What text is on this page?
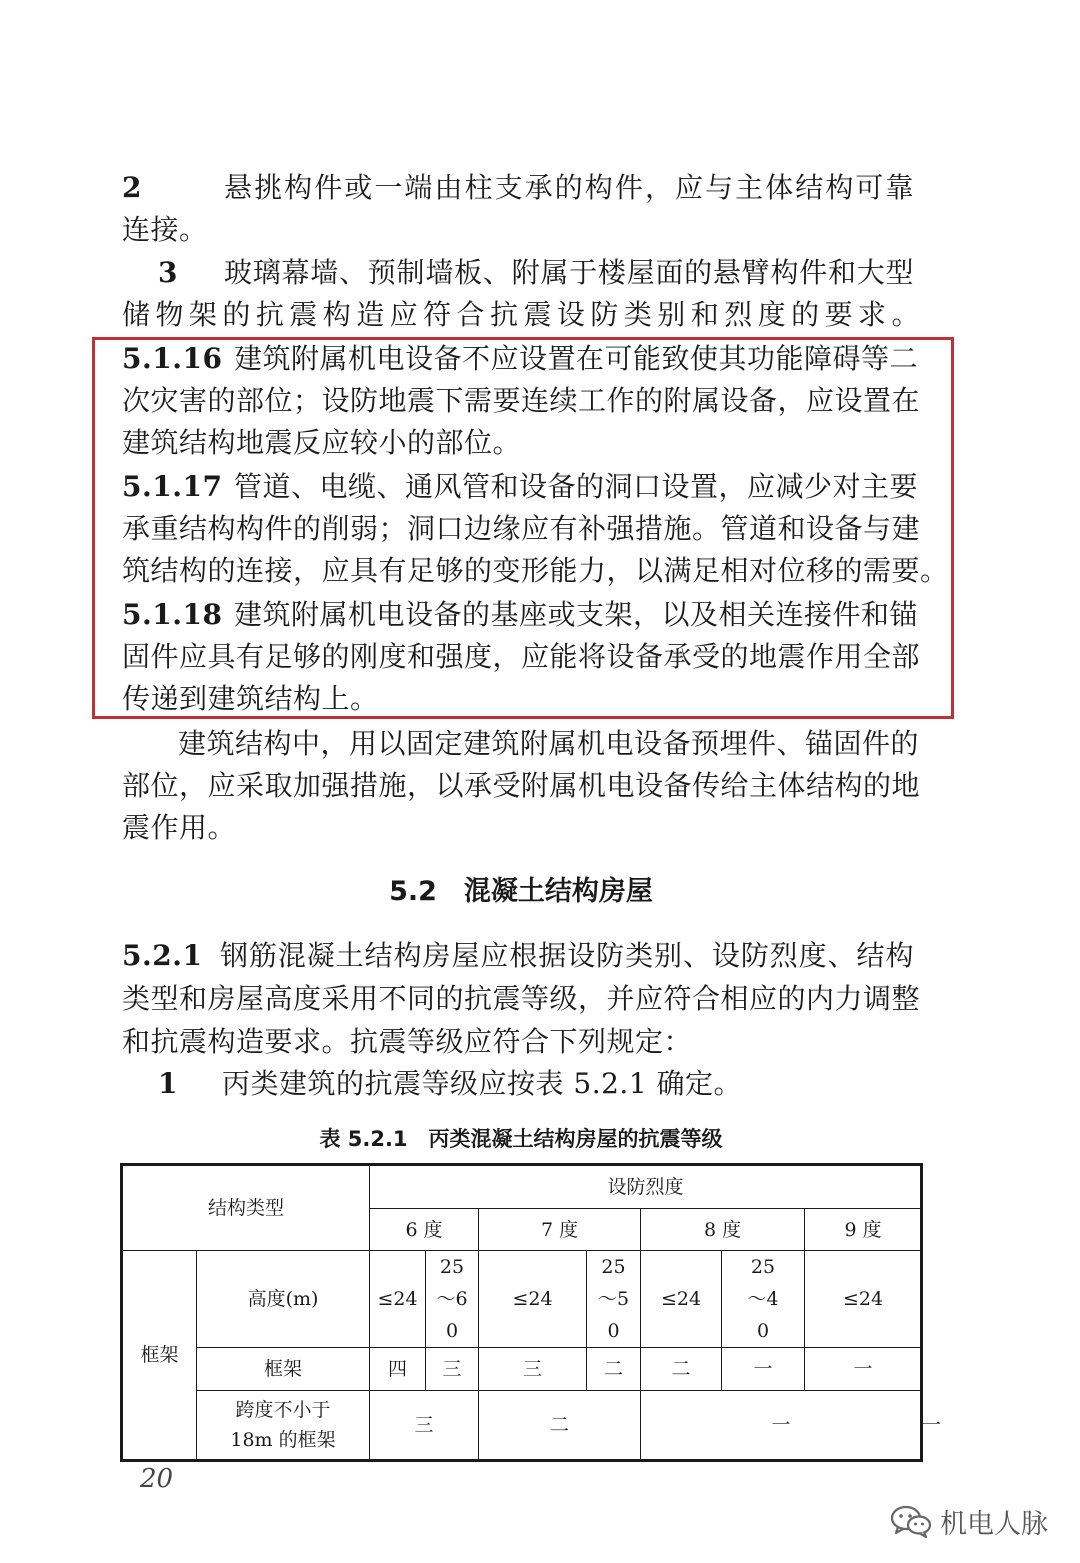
2	悬挑构件或一端由柱支承的构件，应与主体结构可靠
连接。
3 玻璃幕墙、预制墙板、附属于楼屋面的悬臂构件和大型
储物架的抗震构造应符合抗震设防类别和烈度的要求。
5.1.16 建筑附属机电设备不应设置在可能致使其功能障碍等二
次灾害的部位；设防地震下需要连续工作的附属设备，应设置在
建筑结构地震反应较小的部位。
5.1.17 管道、电缆、通风管和设备的洞口设置，应减少对主要
承重结构构件的削弱；洞口边缘应有补强措施。管道和设备与建
筑结构的连接，应具有足够的变形能力，以满足相对位移的需要。
5.1.18 建筑附属机电设备的基座或支架，以及相关连接件和锚
固件应具有足够的刚度和强度，应能将设备承受的地震作用全部
传递到建筑结构上。
建筑结构中，用以固定建筑附属机电设备预埋件、锚固件的
部位，应采取加强措施，以承受附属机电设备传给主体结构的地
震作用。
5.2　混凝土结构房屋
5.2.1 钢筋混凝土结构房屋应根据设防类别、设防烈度、结构
类型和房屋高度采用不同的抗震等级，并应符合相应的内力调整
和抗震构造要求。抗震等级应符合下列规定：
1 丙类建筑的抗震等级应按表 5.2.1 确定。
表 5.2.1　丙类混凝土结构房屋的抗震等级
结构类型		设防烈度							
		6 度		7 度		8 度		9 度	
框架	高度(m)	≤24	25～60	≤24	25～50	≤24	25～40	≤24	
	框架	四	三	三	二	二	一	一	
	跨度不小于 18m 的框架	三		二		一			一
20
机电人脉
